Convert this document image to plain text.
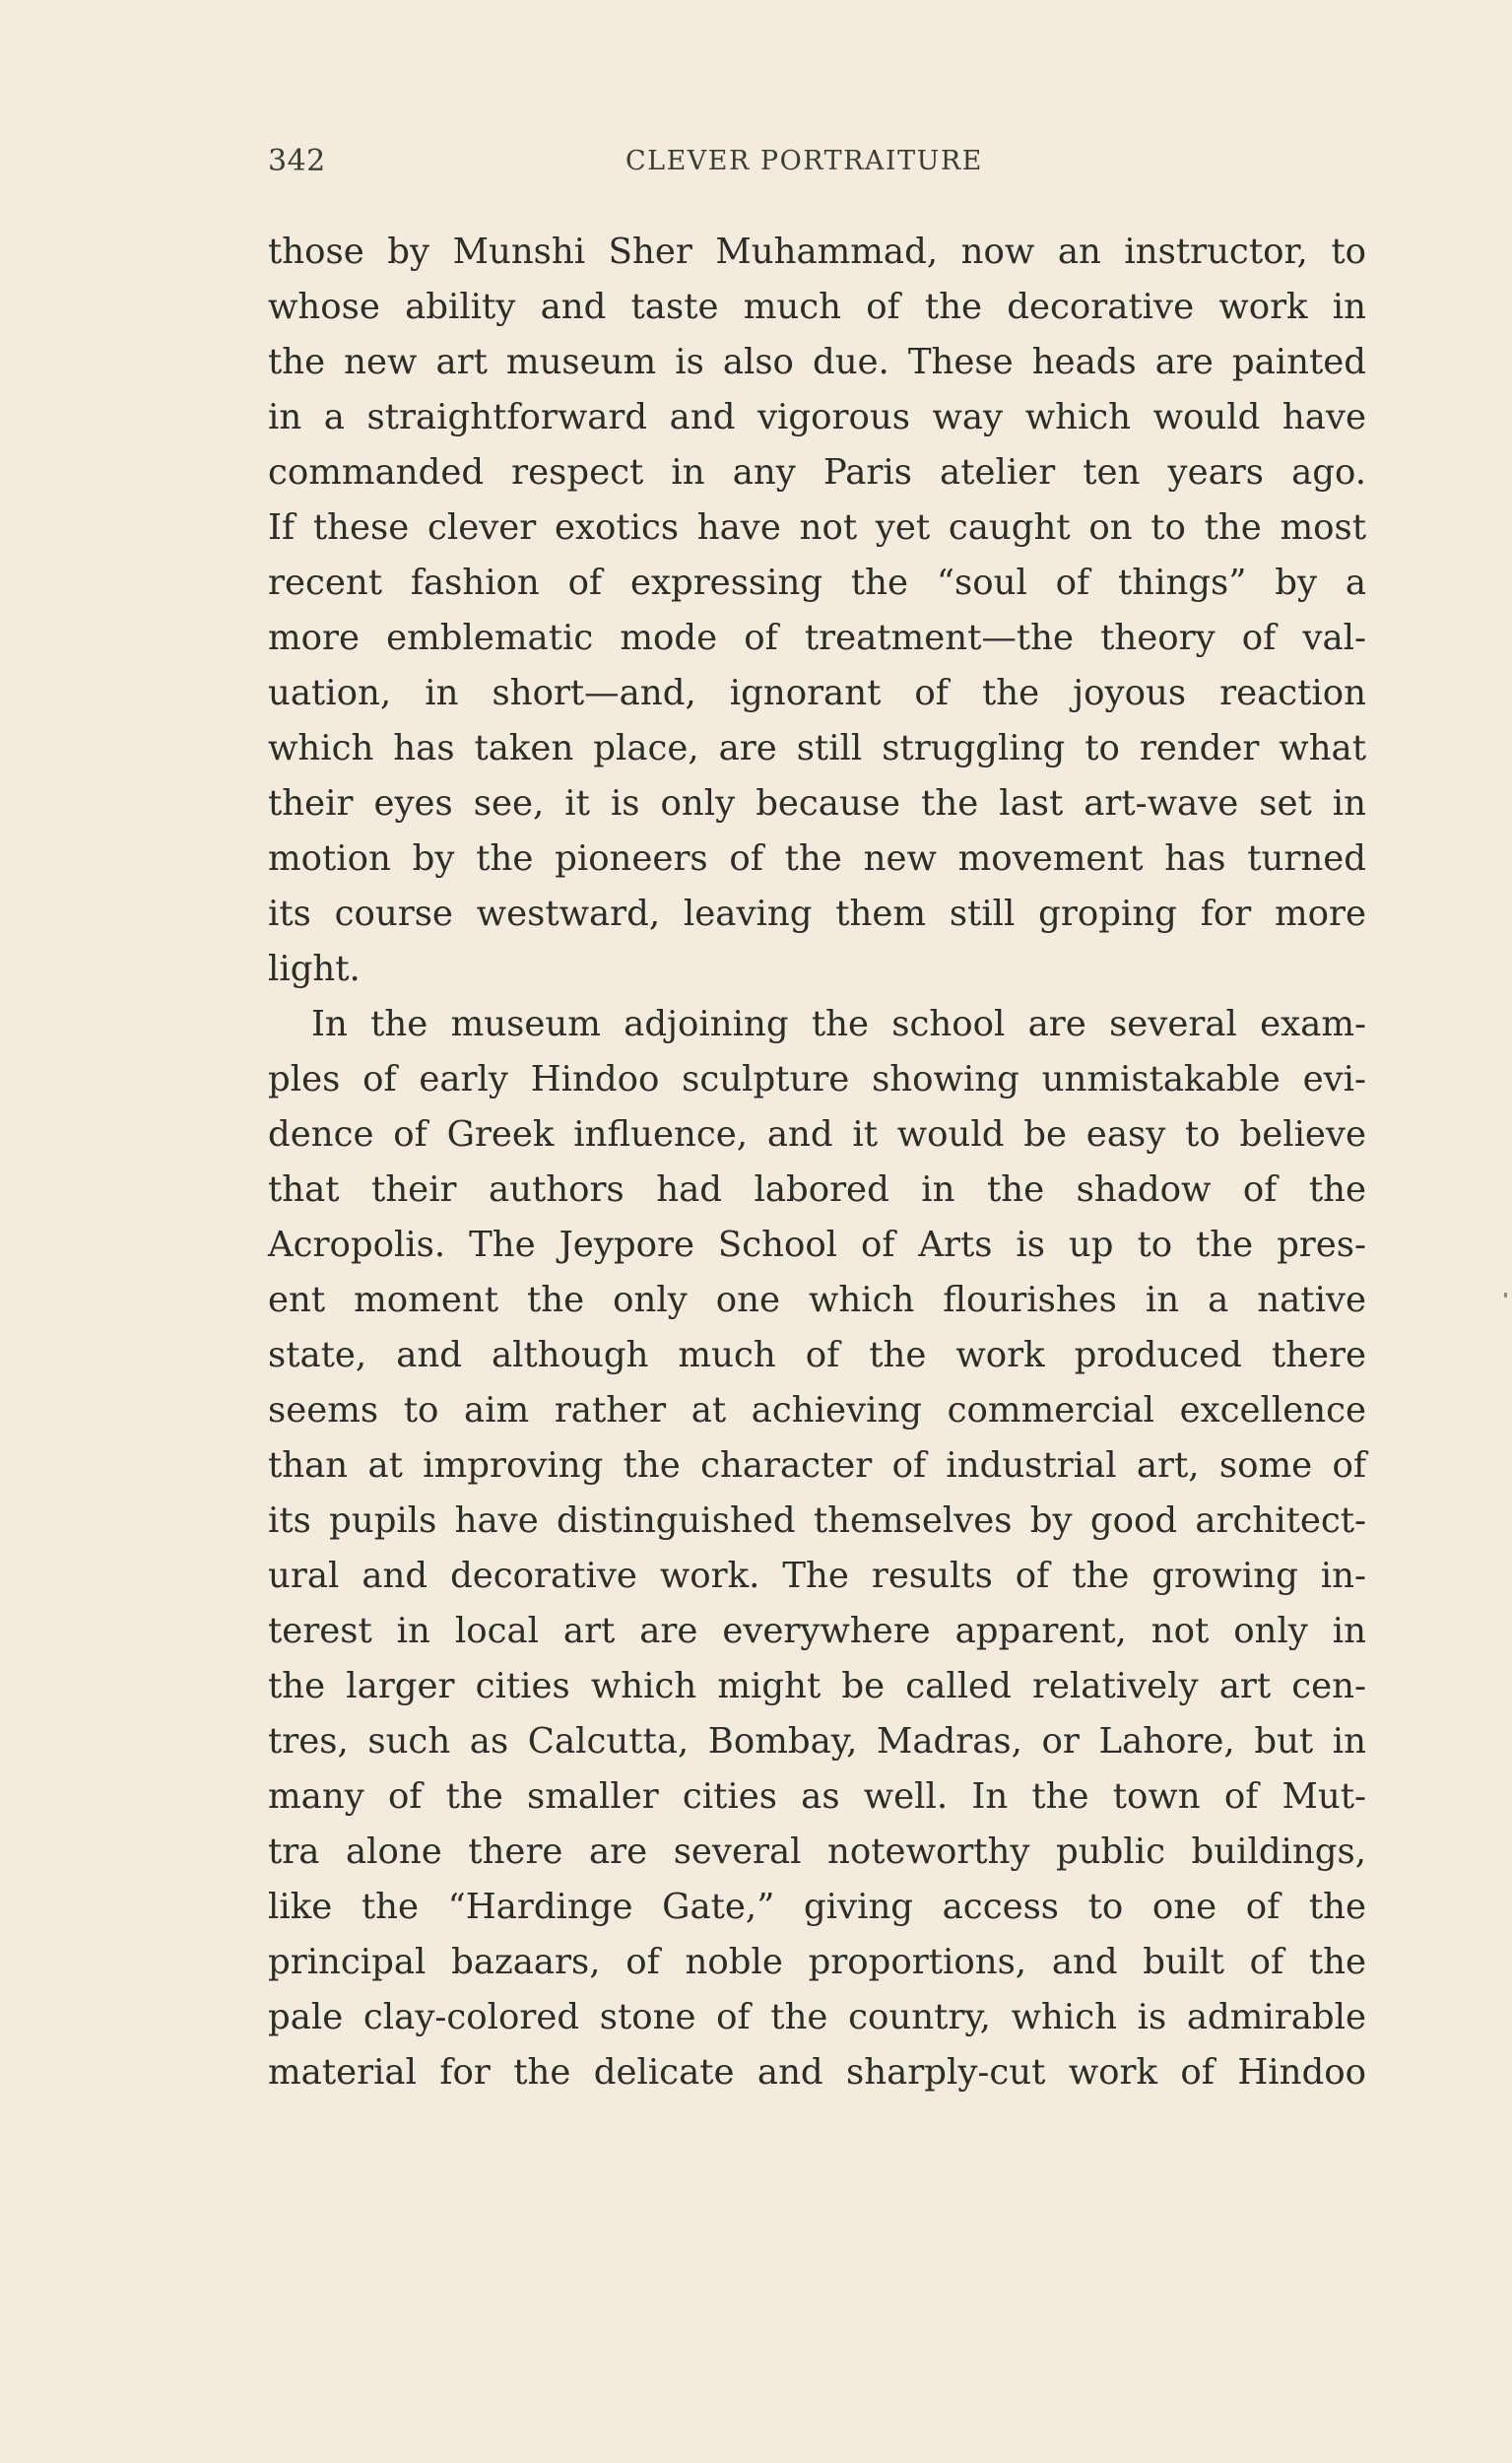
342	CLEVER PORTRAITURE
those by Munshi Sher Muhammad, now an instructor, to
whose ability and taste much of the decorative work in
the new art museum is also due. These heads are painted
in a straightforward and vigorous way which would have
commanded respect in any Paris atelier ten years ago.
If these clever exotics have not yet caught on to the most
recent fashion of expressing the “soul of things” by a
more emblematic mode of treatment—the theory of val-
uation, in short—and, ignorant of the joyous reaction
which has taken place, are still struggling to render what
their eyes see, it is only because the last art-wave set in
motion by the pioneers of the new movement has turned
its course westward, leaving them still groping for more
light.
In the museum adjoining the school are several exam-
ples of early Hindoo sculpture showing unmistakable evi-
dence of Greek influence, and it would be easy to believe
that their authors had labored in the shadow of the
Acropolis. The Jeypore School of Arts is up to the pres-
ent moment the only one which flourishes in a native
state, and although much of the work produced there
seems to aim rather at achieving commercial excellence
than at improving the character of industrial art, some of
its pupils have distinguished themselves by good architect-
ural and decorative work. The results of the growing in-
terest in local art are everywhere apparent, not only in
the larger cities which might be called relatively art cen-
tres, such as Calcutta, Bombay, Madras, or Lahore, but in
many of the smaller cities as well. In the town of Mut-
tra alone there are several noteworthy public buildings,
like the “Hardinge Gate,” giving access to one of the
principal bazaars, of noble proportions, and built of the
pale clay-colored stone of the country, which is admirable
material for the delicate and sharply-cut work of Hindoo
